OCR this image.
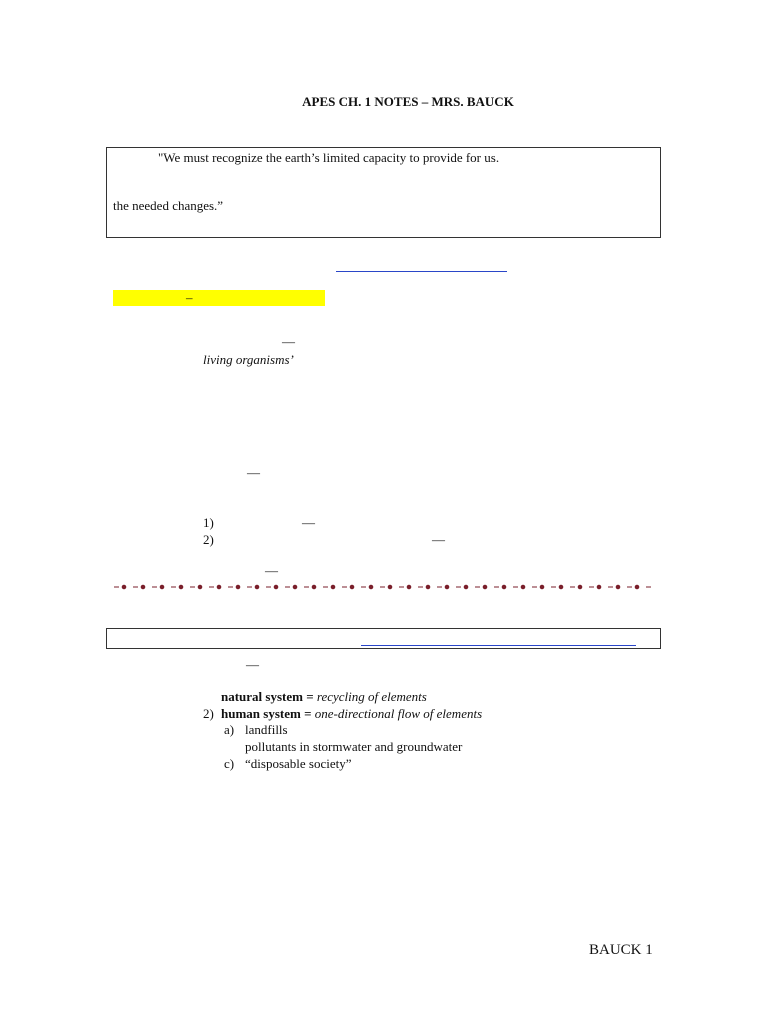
APES CH. 1 NOTES – MRS. BAUCK
"We must recognize the earth’s limited capacity to provide for us.
the needed changes.”
–
—
living organisms’
—
1)	—
2)	—
—
—
natural system = recycling of elements
2) human system = one-directional flow of elements
a) landfills
pollutants in stormwater and groundwater
c) “disposable society”
BAUCK 1
